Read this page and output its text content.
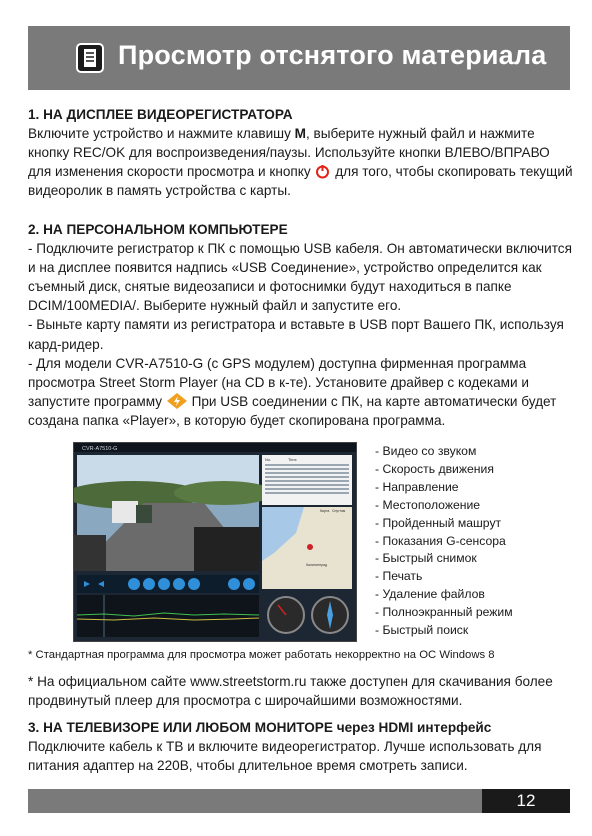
Просмотр отснятого материала
1. НА ДИСПЛЕЕ ВИДЕОРЕГИСТРАТОРА

Включите устройство и нажмите клавишу M, выберите нужный файл и нажмите кнопку REC/OK для воспроизведения/паузы. Используйте кнопки ВЛЕВО/ВПРАВО для изменения скорости просмотра и кнопку  для того, чтобы скопировать текущий видеоролик в память устройства с карты.

2. НА ПЕРСОНАЛЬНОМ КОМПЬЮТЕРЕ

- Подключите регистратор к ПК с помощью USB кабеля. Он автоматически включится и на дисплее появится надпись «USB Соединение», устройство определится как съемный диск, снятые видеозаписи и фотоснимки будут находиться в папке DCIM/100MEDIA/. Выберите нужный файл и запустите его.

- Выньте карту памяти из регистратора и вставьте в USB порт Вашего ПК, используя кард-ридер.

- Для модели CVR-A7510-G (с GPS модулем) доступна фирменная программа просмотра Street Storm Player (на CD в к-те). Установите драйвер с кодеками и запустите программу  При USB соединении с ПК, на карте автоматически будет создана папка «Player», в которую будет скопирована программа.

CVR-A7510-G
No.	Time
Карта Спутник
Калининград
- Видео со звуком
- Скорость движения
- Направление
- Местоположение
- Пройденный машрут
- Показания G-сенсора
- Быстрый снимок
- Печать
- Удаление файлов
- Полноэкранный режим
- Быстрый поиск
* Стандартная программа для просмотра может работать некорректно на ОС Windows 8
* На официальном сайте www.streetstorm.ru также доступен для скачивания более продвинутый плеер для просмотра с широчайшими возможностями.
3. НА ТЕЛЕВИЗОРЕ ИЛИ ЛЮБОМ МОНИТОРЕ через HDMI интерфейс

Подключите кабель к ТВ и включите видеорегистратор. Лучше использовать для питания адаптер на 220В, чтобы длительное время смотреть записи.

12
